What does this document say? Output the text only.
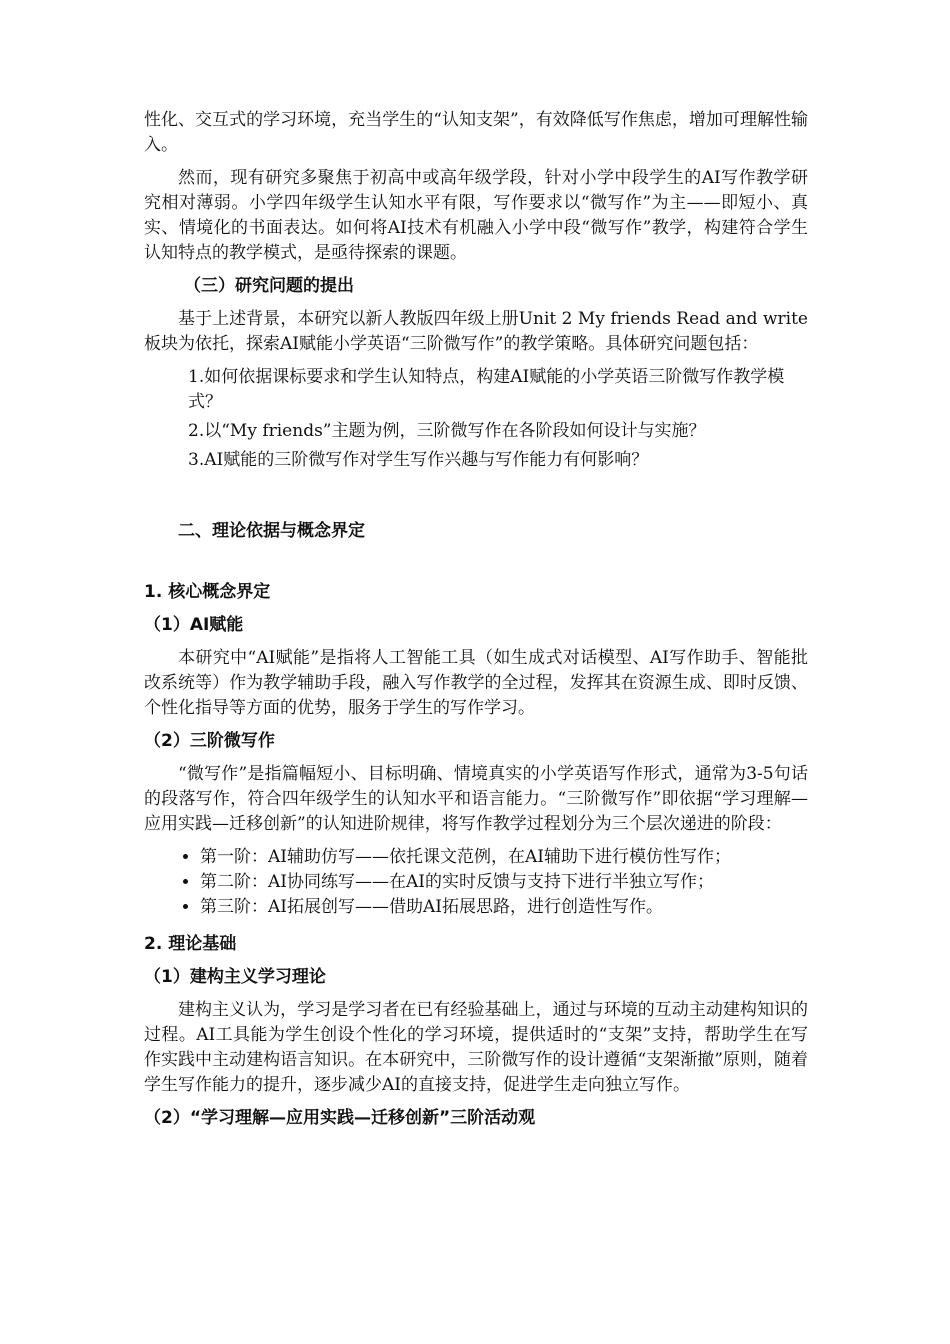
性化、交互式的学习环境，充当学生的“认知支架”，有效降低写作焦虑，增加可理解性输入。

然而，现有研究多聚焦于初高中或高年级学段，针对小学中段学生的AI写作教学研究相对薄弱。小学四年级学生认知水平有限，写作要求以“微写作”为主——即短小、真实、情境化的书面表达。如何将AI技术有机融入小学中段“微写作”教学，构建符合学生认知特点的教学模式，是亟待探索的课题。

（三）研究问题的提出

基于上述背景，本研究以新人教版四年级上册Unit 2 My friends Read and write板块为依托，探索AI赋能小学英语“三阶微写作”的教学策略。具体研究问题包括：

1.如何依据课标要求和学生认知特点，构建AI赋能的小学英语三阶微写作教学模式？
2.以“My friends”主题为例，三阶微写作在各阶段如何设计与实施？
3.AI赋能的三阶微写作对学生写作兴趣与写作能力有何影响？
二、理论依据与概念界定
1. 核心概念界定
（1）AI赋能

本研究中“AI赋能”是指将人工智能工具（如生成式对话模型、AI写作助手、智能批改系统等）作为教学辅助手段，融入写作教学的全过程，发挥其在资源生成、即时反馈、个性化指导等方面的优势，服务于学生的写作学习。

（2）三阶微写作

“微写作”是指篇幅短小、目标明确、情境真实的小学英语写作形式，通常为3-5句话的段落写作，符合四年级学生的认知水平和语言能力。“三阶微写作”即依据“学习理解—应用实践—迁移创新”的认知进阶规律，将写作教学过程划分为三个层次递进的阶段：

• 第一阶：AI辅助仿写——依托课文范例，在AI辅助下进行模仿性写作；
• 第二阶：AI协同练写——在AI的实时反馈与支持下进行半独立写作；
• 第三阶：AI拓展创写——借助AI拓展思路，进行创造性写作。
2. 理论基础
（1）建构主义学习理论

建构主义认为，学习是学习者在已有经验基础上，通过与环境的互动主动建构知识的过程。AI工具能为学生创设个性化的学习环境，提供适时的“支架”支持，帮助学生在写作实践中主动建构语言知识。在本研究中，三阶微写作的设计遵循“支架渐撤”原则，随着学生写作能力的提升，逐步减少AI的直接支持，促进学生走向独立写作。

（2）“学习理解—应用实践—迁移创新”三阶活动观
